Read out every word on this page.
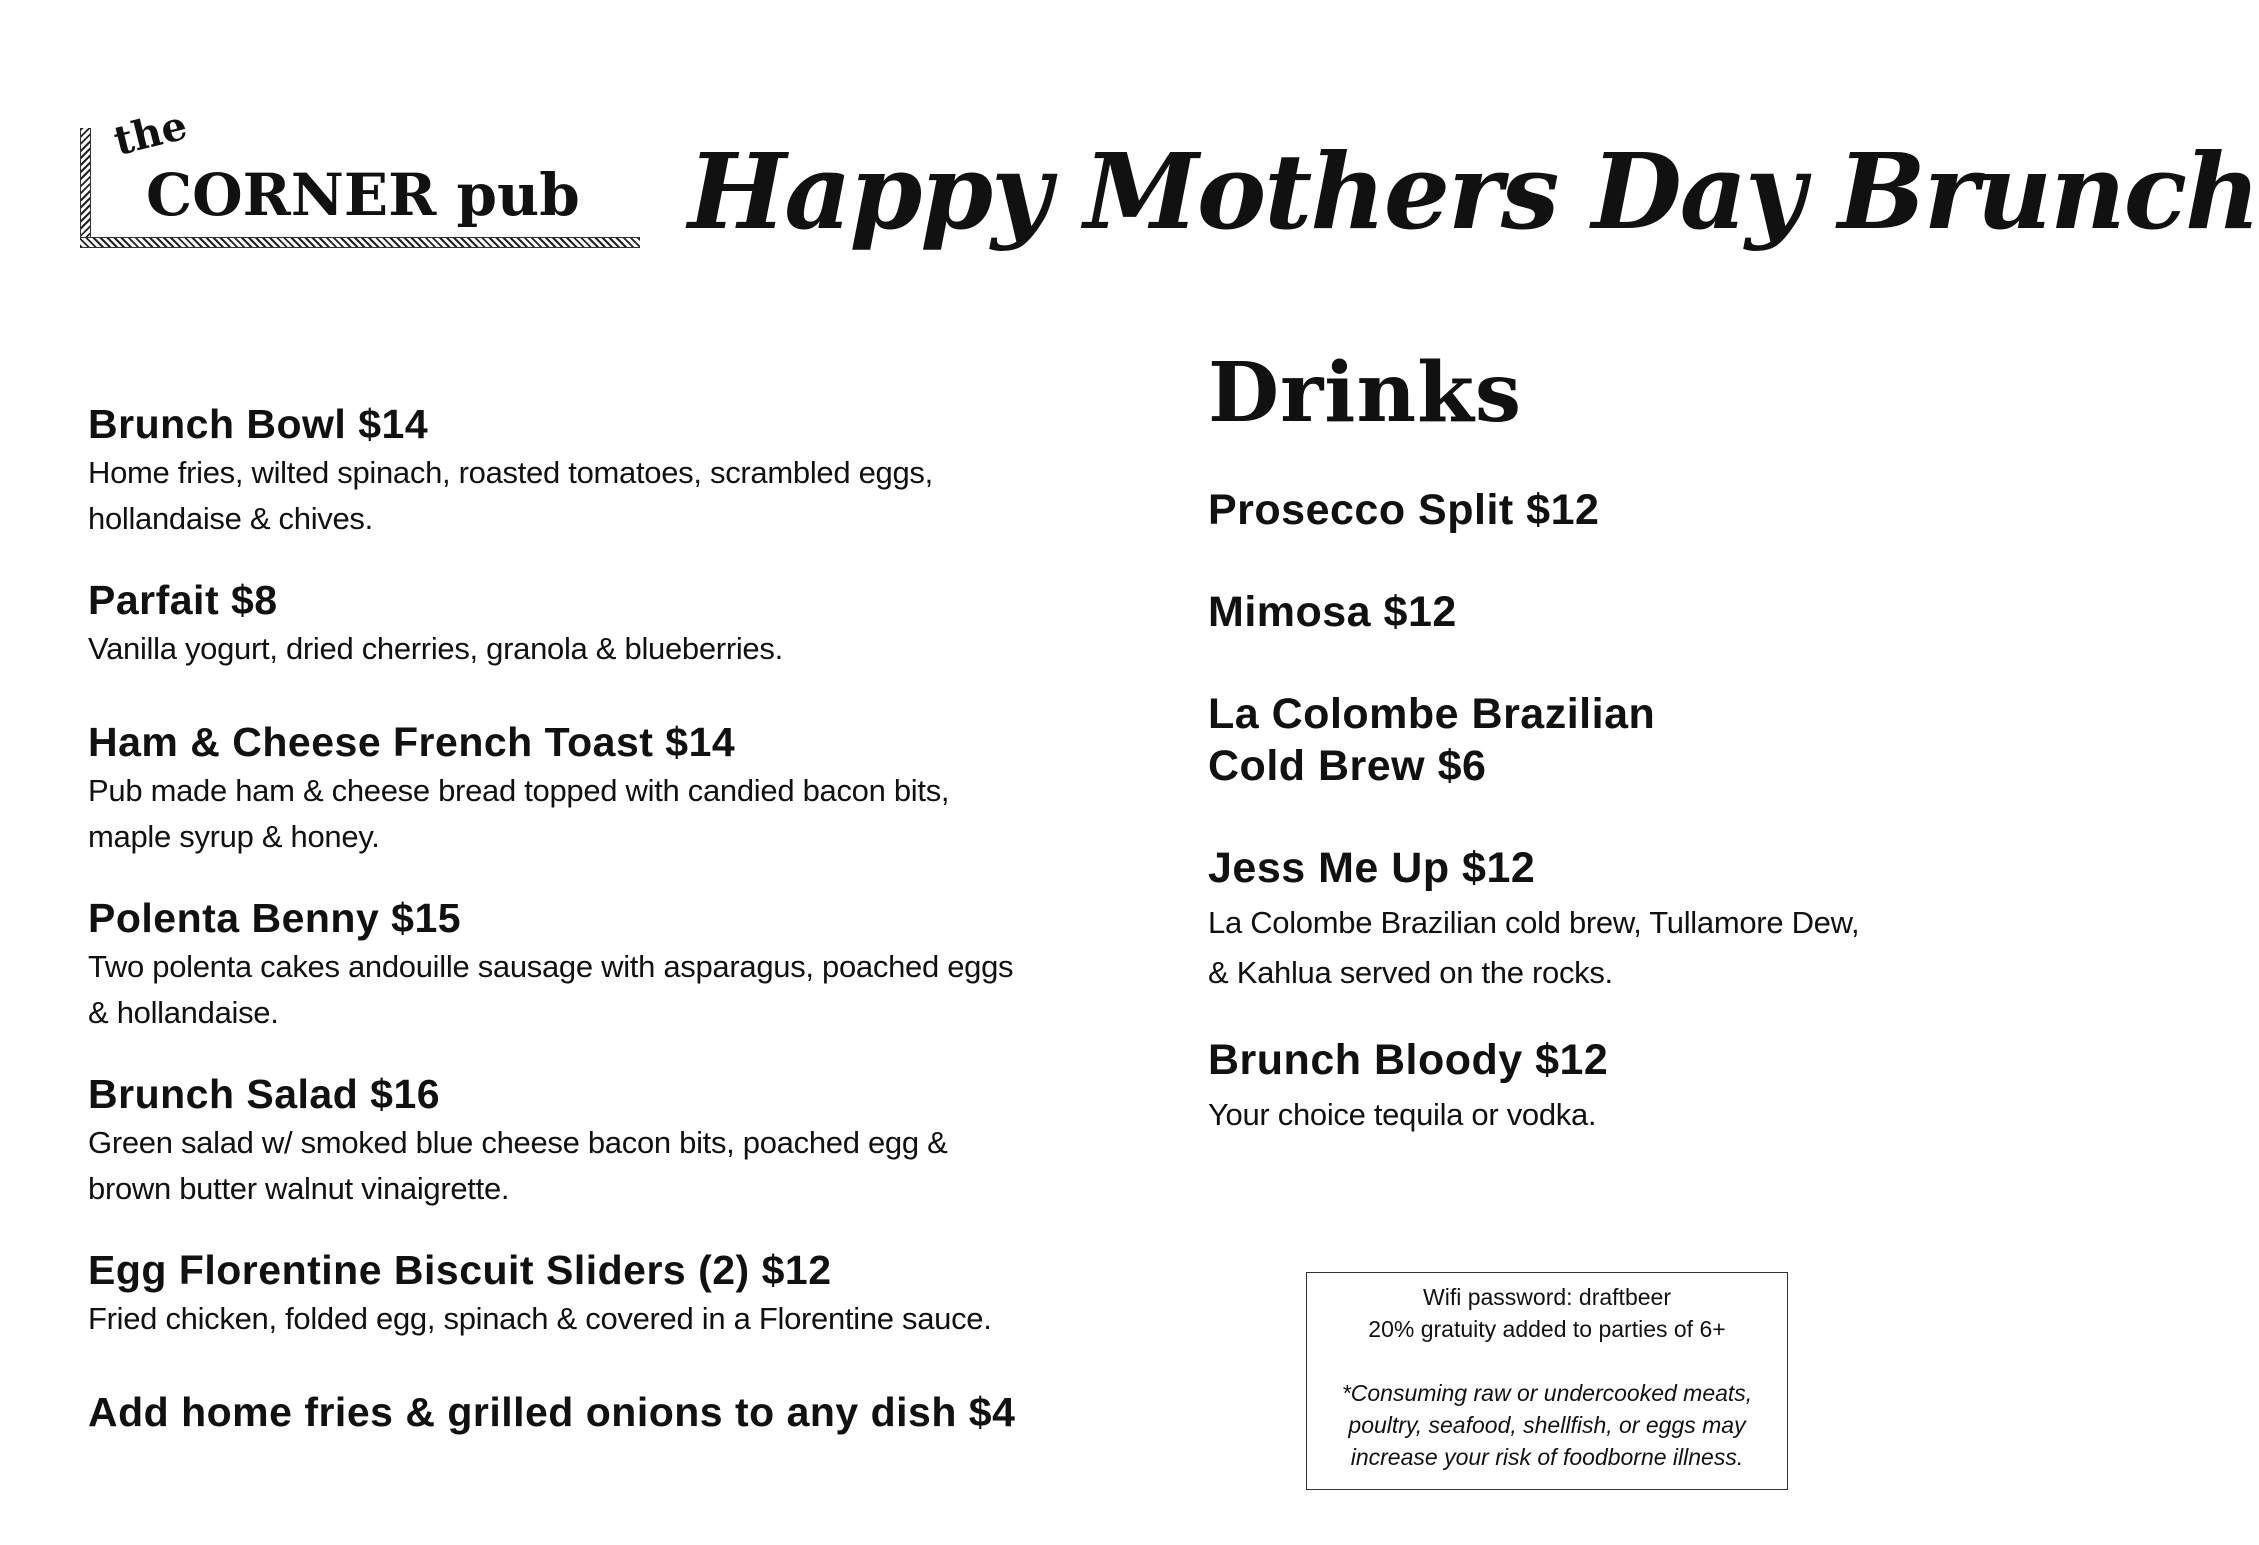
the
CORNER pub Happy Mothers Day Brunch
Brunch Bowl $14
Home fries, wilted spinach, roasted tomatoes, scrambled eggs,
hollandaise & chives.
Parfait $8
Vanilla yogurt, dried cherries, granola & blueberries.
Ham & Cheese French Toast $14
Pub made ham & cheese bread topped with candied bacon bits,
maple syrup & honey.
Polenta Benny $15
Two polenta cakes andouille sausage with asparagus, poached eggs
& hollandaise.
Brunch Salad $16
Green salad w/ smoked blue cheese bacon bits, poached egg &
brown butter walnut vinaigrette.
Egg Florentine Biscuit Sliders (2) $12
Fried chicken, folded egg, spinach & covered in a Florentine sauce.
Add home fries & grilled onions to any dish $4
Drinks
Prosecco Split $12
Mimosa $12
La Colombe Brazilian
Cold Brew $6
Jess Me Up $12
La Colombe Brazilian cold brew, Tullamore Dew,
& Kahlua served on the rocks.
Brunch Bloody $12
Your choice tequila or vodka.
Wifi password: draftbeer
20% gratuity added to parties of 6+
*Consuming raw or undercooked meats,
poultry, seafood, shellfish, or eggs may
increase your risk of foodborne illness.
